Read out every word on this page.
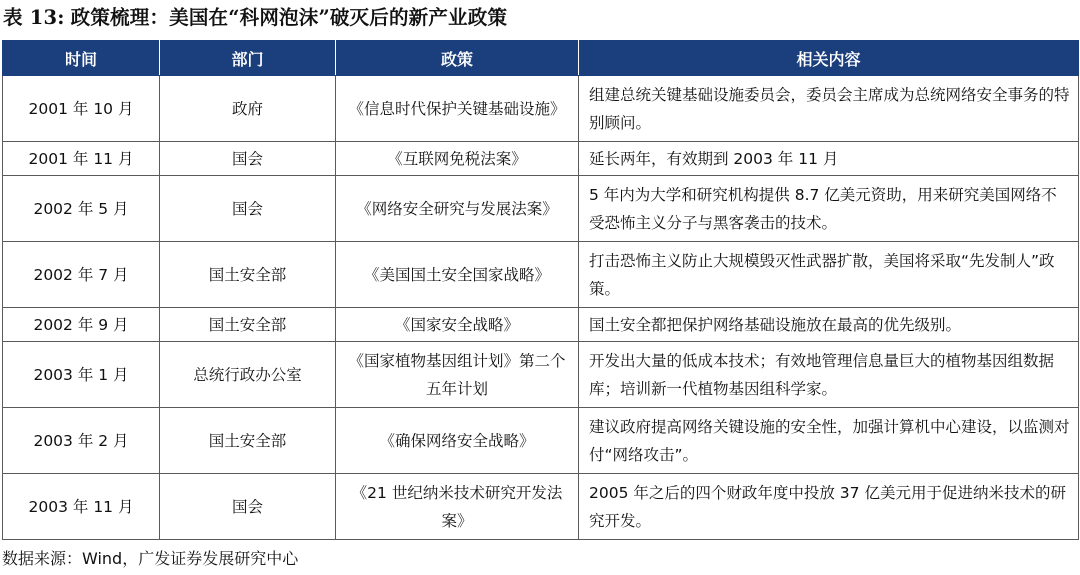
表 13: 政策梳理：美国在“科网泡沫”破灭后的新产业政策
时间	部门	政策	相关内容
2001 年 10 月	政府	《信息时代保护关键基础设施》	组建总统关键基础设施委员会，委员会主席成为总统网络安全事务的特别顾问。
2001 年 11 月	国会	《互联网免税法案》	延长两年，有效期到 2003 年 11 月
2002 年 5 月	国会	《网络安全研究与发展法案》	5 年内为大学和研究机构提供 8.7 亿美元资助，用来研究美国网络不受恐怖主义分子与黑客袭击的技术。
2002 年 7 月	国土安全部	《美国国土安全国家战略》	打击恐怖主义防止大规模毁灭性武器扩散，美国将采取“先发制人”政策。
2002 年 9 月	国土安全部	《国家安全战略》	国土安全都把保护网络基础设施放在最高的优先级别。
2003 年 1 月	总统行政办公室	《国家植物基因组计划》第二个五年计划	开发出大量的低成本技术；有效地管理信息量巨大的植物基因组数据库；培训新一代植物基因组科学家。
2003 年 2 月	国土安全部	《确保网络安全战略》	建议政府提高网络关键设施的安全性，加强计算机中心建设，以监测对付“网络攻击”。
2003 年 11 月	国会	《21 世纪纳米技术研究开发法案》	2005 年之后的四个财政年度中投放 37 亿美元用于促进纳米技术的研究开发。
数据来源：Wind，广发证券发展研究中心
